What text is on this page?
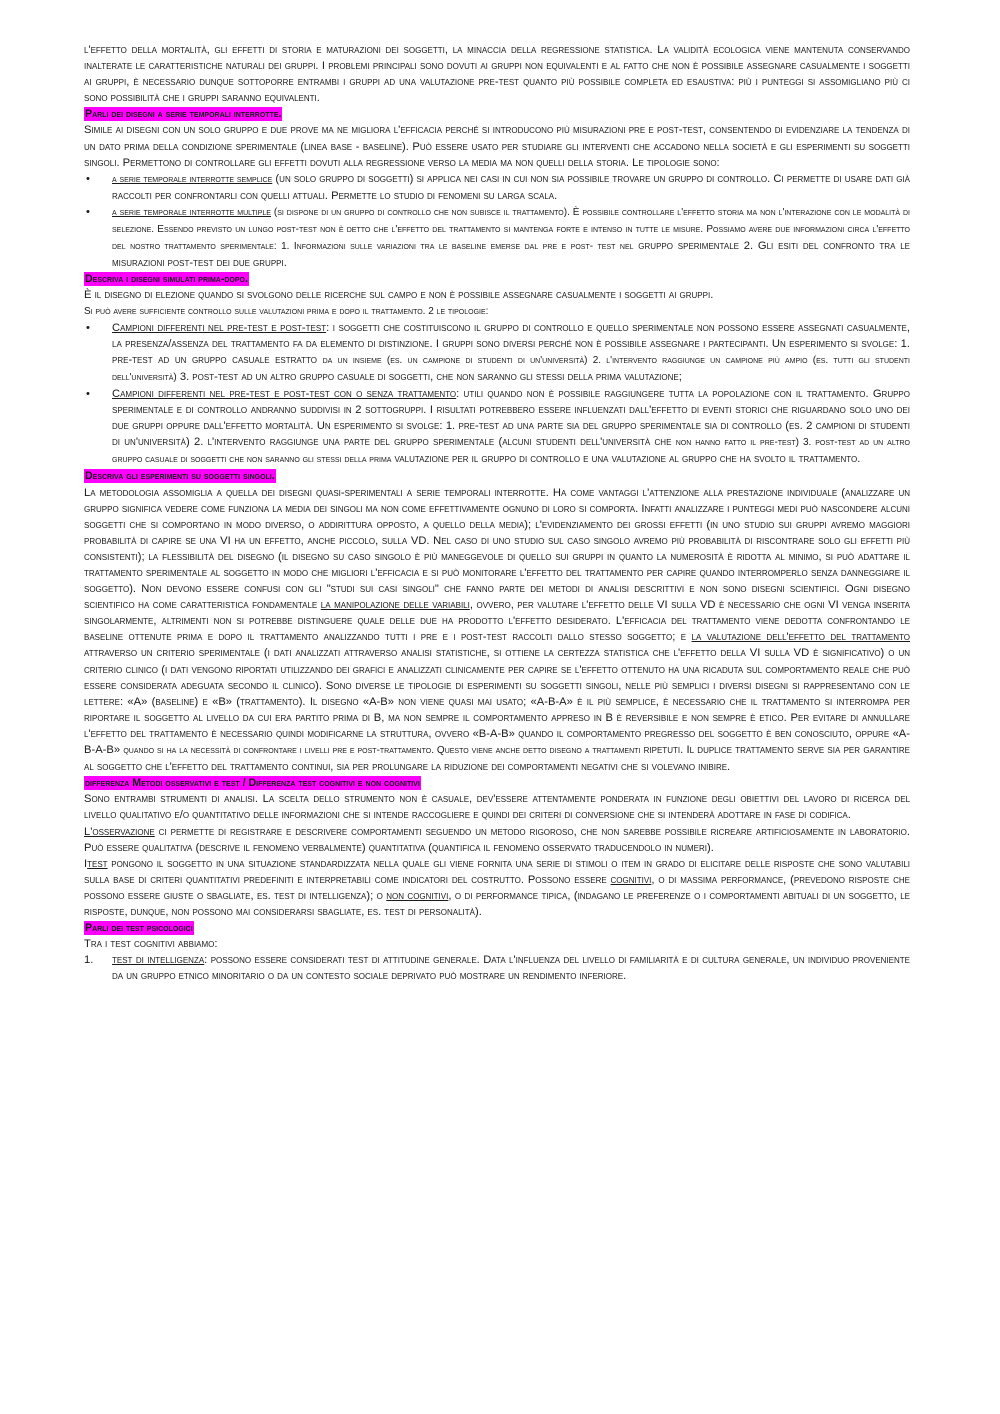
l'effetto della mortalità, gli effetti di storia e maturazioni dei soggetti, la minaccia della regressione statistica. La validità ecologica viene mantenuta conservando inalterate le caratteristiche naturali dei gruppi. I problemi principali sono dovuti ai gruppi non equivalenti e al fatto che non è possibile assegnare casualmente i soggetti ai gruppi, è necessario dunque sottoporre entrambi i gruppi ad una valutazione pre-test quanto più possibile completa ed esaustiva: più i punteggi si assomigliano più ci sono possibilità che i gruppi saranno equivalenti.

Parli dei disegni a serie temporali interrotte.

Simile ai disegni con un solo gruppo e due prove ma ne migliora l'efficacia perché si introducono più misurazioni pre e post-test, consentendo di evidenziare la tendenza di un dato prima della condizione sperimentale (linea base - baseline). Può essere usato per studiare gli interventi che accadono nella società e gli esperimenti su soggetti singoli. Permettono di controllare gli effetti dovuti alla regressione verso la media ma non quelli della storia. Le tipologie sono:

• a serie temporale interrotte semplice (un solo gruppo di soggetti) si applica nei casi in cui non sia possibile trovare un gruppo di controllo. Ci permette di usare dati già raccolti per confrontarli con quelli attuali. Permette lo studio di fenomeni su larga scala.
• a serie temporale interrotte multiple (si dispone di un gruppo di controllo che non subisce il trattamento). È possibile controllare l'effetto storia ma non l'interazione con le modalità di selezione. Essendo previsto un lungo post-test non è detto che l'effetto del trattamento si mantenga forte e intenso in tutte le misure. Possiamo avere due informazioni circa l'effetto del nostro trattamento sperimentale: 1. Informazioni sulle variazioni tra le baseline emerse dal pre e post- test nel gruppo sperimentale 2. Gli esiti del confronto tra le misurazioni post-test dei due gruppi.
Descriva i disegni simulati prima-dopo.

È il disegno di elezione quando si svolgono delle ricerche sul campo e non è possibile assegnare casualmente i soggetti ai gruppi.

Si può avere sufficiente controllo sulle valutazioni prima e dopo il trattamento. 2 le tipologie:

• Campioni differenti nel pre-test e post-test: i soggetti che costituiscono il gruppo di controllo e quello sperimentale non possono essere assegnati casualmente, la presenza/assenza del trattamento fa da elemento di distinzione. I gruppi sono diversi perché non è possibile assegnare i partecipanti. Un esperimento si svolge: 1. pre-test ad un gruppo casuale estratto da un insieme (es. un campione di studenti di un'università) 2. l'intervento raggiunge un campione più ampio (es. tutti gli studenti dell'università) 3. post-test ad un altro gruppo casuale di soggetti, che non saranno gli stessi della prima valutazione;
• Campioni differenti nel pre-test e post-test con o senza trattamento: utili quando non è possibile raggiungere tutta la popolazione con il trattamento. Gruppo sperimentale e di controllo andranno suddivisi in 2 sottogruppi. I risultati potrebbero essere influenzati dall'effetto di eventi storici che riguardano solo uno dei due gruppi oppure dall'effetto mortalità. Un esperimento si svolge: 1. pre-test ad una parte sia del gruppo sperimentale sia di controllo (es. 2 campioni di studenti di un'università) 2. l'intervento raggiunge una parte del gruppo sperimentale (alcuni studenti dell'università che non hanno fatto il pre-test) 3. post-test ad un altro gruppo casuale di soggetti che non saranno gli stessi della prima valutazione per il gruppo di controllo e una valutazione al gruppo che ha svolto il trattamento.
Descriva gli esperimenti su soggetti singoli.

La metodologia assomiglia a quella dei disegni quasi-sperimentali a serie temporali interrotte. Ha come vantaggi l'attenzione alla prestazione individuale (analizzare un gruppo significa vedere come funziona la media dei singoli ma non come effettivamente ognuno di loro si comporta. Infatti analizzare i punteggi medi può nascondere alcuni soggetti che si comportano in modo diverso, o addirittura opposto, a quello della media); l'evidenziamento dei grossi effetti (in uno studio sui gruppi avremo maggiori probabilità di capire se una VI ha un effetto, anche piccolo, sulla VD. Nel caso di uno studio sul caso singolo avremo più probabilità di riscontrare solo gli effetti più consistenti); la flessibilità del disegno (il disegno su caso singolo è più maneggevole di quello sui gruppi in quanto la numerosità è ridotta al minimo, si può adattare il trattamento sperimentale al soggetto in modo che migliori l'efficacia e si può monitorare l'effetto del trattamento per capire quando interromperlo senza danneggiare il soggetto). Non devono essere confusi con gli "studi sui casi singoli" che fanno parte dei metodi di analisi descrittivi e non sono disegni scientifici. Ogni disegno scientifico ha come caratteristica fondamentale la manipolazione delle variabili, ovvero, per valutare l'effetto delle VI sulla VD è necessario che ogni VI venga inserita singolarmente, altrimenti non si potrebbe distinguere quale delle due ha prodotto l'effetto desiderato. L'efficacia del trattamento viene dedotta confrontando le baseline ottenute prima e dopo il trattamento analizzando tutti i pre e i post-test raccolti dallo stesso soggetto; e la valutazione dell'effetto del trattamento attraverso un criterio sperimentale (i dati analizzati attraverso analisi statistiche, si ottiene la certezza statistica che l'effetto della VI sulla VD è significativo) o un criterio clinico (i dati vengono riportati utilizzando dei grafici e analizzati clinicamente per capire se l'effetto ottenuto ha una ricaduta sul comportamento reale che può essere considerata adeguata secondo il clinico). Sono diverse le tipologie di esperimenti su soggetti singoli, nelle più semplici i diversi disegni si rappresentano con le lettere: «A» (baseline) e «B» (trattamento). Il disegno «A-B» non viene quasi mai usato; «A-B-A» è il più semplice, è necessario che il trattamento si interrompa per riportare il soggetto al livello da cui era partito prima di B, ma non sempre il comportamento appreso in B è reversibile e non sempre è etico. Per evitare di annullare l'effetto del trattamento è necessario quindi modificarne la struttura, ovvero «B-A-B» quando il comportamento pregresso del soggetto è ben conosciuto, oppure «A-B-A-B» quando si ha la necessità di confrontare i livelli pre e post-trattamento. Questo viene anche detto disegno a trattamenti ripetuti. Il duplice trattamento serve sia per garantire al soggetto che l'effetto del trattamento continui, sia per prolungare la riduzione dei comportamenti negativi che si volevano inibire.

differenza Metodi osservativi e test / Differenza test cognitivi e non cognitivi

Sono entrambi strumenti di analisi. La scelta dello strumento non è casuale, dev'essere attentamente ponderata in funzione degli obiettivi del lavoro di ricerca del livello qualitativo e/o quantitativo delle informazioni che si intende raccogliere e quindi dei criteri di conversione che si intenderà adottare in fase di codifica.

L'osservazione ci permette di registrare e descrivere comportamenti seguendo un metodo rigoroso, che non sarebbe possibile ricreare artificiosamente in laboratorio. Può essere qualitativa (descrive il fenomeno verbalmente) quantitativa (quantifica il fenomeno osservato traducendolo in numeri).

Itest pongono il soggetto in una situazione standardizzata nella quale gli viene fornita una serie di stimoli o item in grado di elicitare delle risposte che sono valutabili sulla base di criteri quantitativi predefiniti e interpretabili come indicatori del costrutto. Possono essere cognitivi, o di massima performance, (prevedono risposte che possono essere giuste o sbagliate, es. test di intelligenza); o non cognitivi, o di performance tipica, (indagano le preferenze o i comportamenti abituali di un soggetto, le risposte, dunque, non possono mai considerarsi sbagliate, es. test di personalità).

Parli dei test psicologici

Tra i test cognitivi abbiamo:

1. test di intelligenza: possono essere considerati test di attitudine generale. Data l'influenza del livello di familiarità e di cultura generale, un individuo proveniente da un gruppo etnico minoritario o da un contesto sociale deprivato può mostrare un rendimento inferiore.
